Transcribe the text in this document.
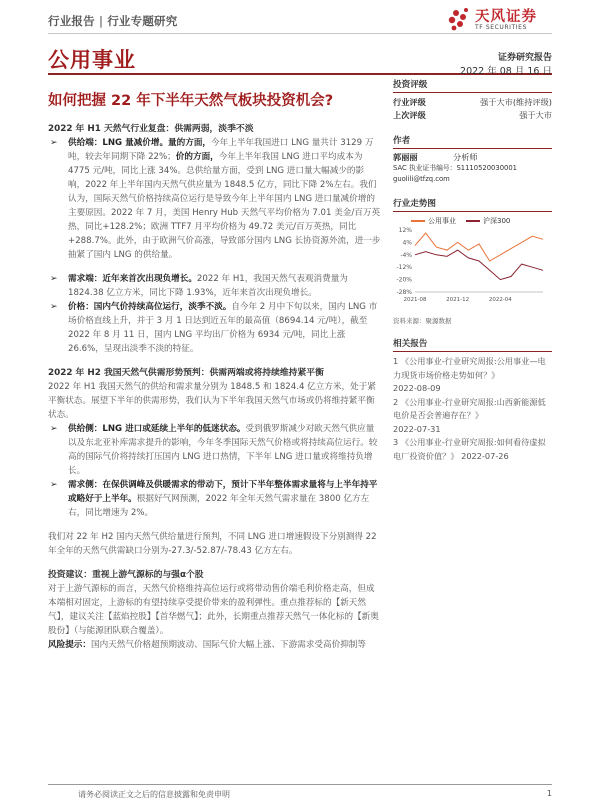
行业报告 | 行业专题研究	天风证券
TF SECURITIES
公用事业	证券研究报告
2022 年 08 月 16 日
如何把握 22 年下半年天然气板块投资机会?

2022 年 H1 天然气行业复盘：供需两弱，淡季不淡

➢ 供给端：LNG 量减价增。量的方面，今年上半年我国进口 LNG 量共计 3129 万吨，较去年同期下降 22%；价的方面，今年上半年我国 LNG 进口平均成本为 4775 元/吨，同比上涨 34%。总供给量方面，受到 LNG 进口量大幅减少的影响，2022 年上半年国内天然气供应量为 1848.5 亿方，同比下降 2%左右。我们认为，国际天然气价格持续高位运行是导致今年上半年国内 LNG 进口量减价增的主要原因。2022 年 7 月，美国 Henry Hub 天然气平均价格为 7.01 美金/百万英热，同比+128.2%；欧洲 TTF7 月平均价格为 49.72 美元/百万英热，同比+288.7%。此外，由于欧洲气价高涨，导致部分国内 LNG 长协资源外流，进一步抽紧了国内 LNG 的供给量。
➢ 需求端：近年来首次出现负增长。2022 年 H1，我国天然气表观消费量为 1824.38 亿立方米，同比下降 1.93%，近年来首次出现负增长。
➢ 价格：国内气价持续高位运行，淡季不淡。自今年 2 月中下旬以来，国内 LNG 市场价格直线上升，并于 3 月 1 日达到近五年的最高值（8694.14 元/吨），截至 2022 年 8 月 11 日，国内 LNG 平均出厂价格为 6934 元/吨，同比上涨 26.6%，呈现出淡季不淡的特征。

2022 年 H2 我国天然气供需形势预判：供需两端或将持续维持紧平衡

2022 年 H1 我国天然气的供给和需求量分别为 1848.5 和 1824.4 亿立方米，处于紧平衡状态。展望下半年的供需形势，我们认为下半年我国天然气市场或仍将维持紧平衡状态。

➢ 供给侧：LNG 进口或延续上半年的低迷状态。受到俄罗斯减少对欧天然气供应量以及东北亚补库需求提升的影响，今年冬季国际天然气价格或将持续高位运行。较高的国际气价将持续打压国内 LNG 进口热情，下半年 LNG 进口量或将维持负增长。
➢ 需求侧：在保供调峰及供暖需求的带动下，预计下半年整体需求量将与上半年持平或略好于上半年。根据好气网预测，2022 年全年天然气需求量在 3800 亿方左右，同比增速为 2%。

我们对 22 年 H2 国内天然气供给量进行预判，不同 LNG 进口增速假设下分别测得 22 年全年的天然气供需缺口分别为-27.3/-52.87/-78.43 亿方左右。

投资建议：重视上游气源标的与强α个股

对于上游气源标的而言，天然气价格维持高位运行或将带动售价端毛利价格走高，但成本端相对固定，上游标的有望持续享受提价带来的盈利弹性。重点推荐标的【新天然气】，建议关注【蓝焰控股】【首华燃气】；此外，长期重点推荐天然气一体化标的【新奥股份】（与能源团队联合覆盖）。

风险提示：国内天然气价格超预期波动、国际气价大幅上涨、下游需求受高价抑制等

投资评级
行业评级	强于大市(维持评级)
上次评级	强于大市
作者
郭丽丽	分析师
SAC 执业证书编号：S1110520030001
guolili@tfzq.com
行业走势图
公用事业	沪深300
12%
4%
-4%
-12%
-20%
-28%
2021-08	2021-12	2022-04
资料来源：聚源数据
相关报告
1 《公用事业-行业研究周报:公用事业—电力现货市场价格走势如何？》
2022-08-09
2 《公用事业-行业研究周报:山西新能源低电价是否会普遍存在？》
2022-07-31
3 《公用事业-行业研究周报:如何看待虚拟电厂投资价值？》 2022-07-26
请务必阅读正文之后的信息披露和免责申明	1
